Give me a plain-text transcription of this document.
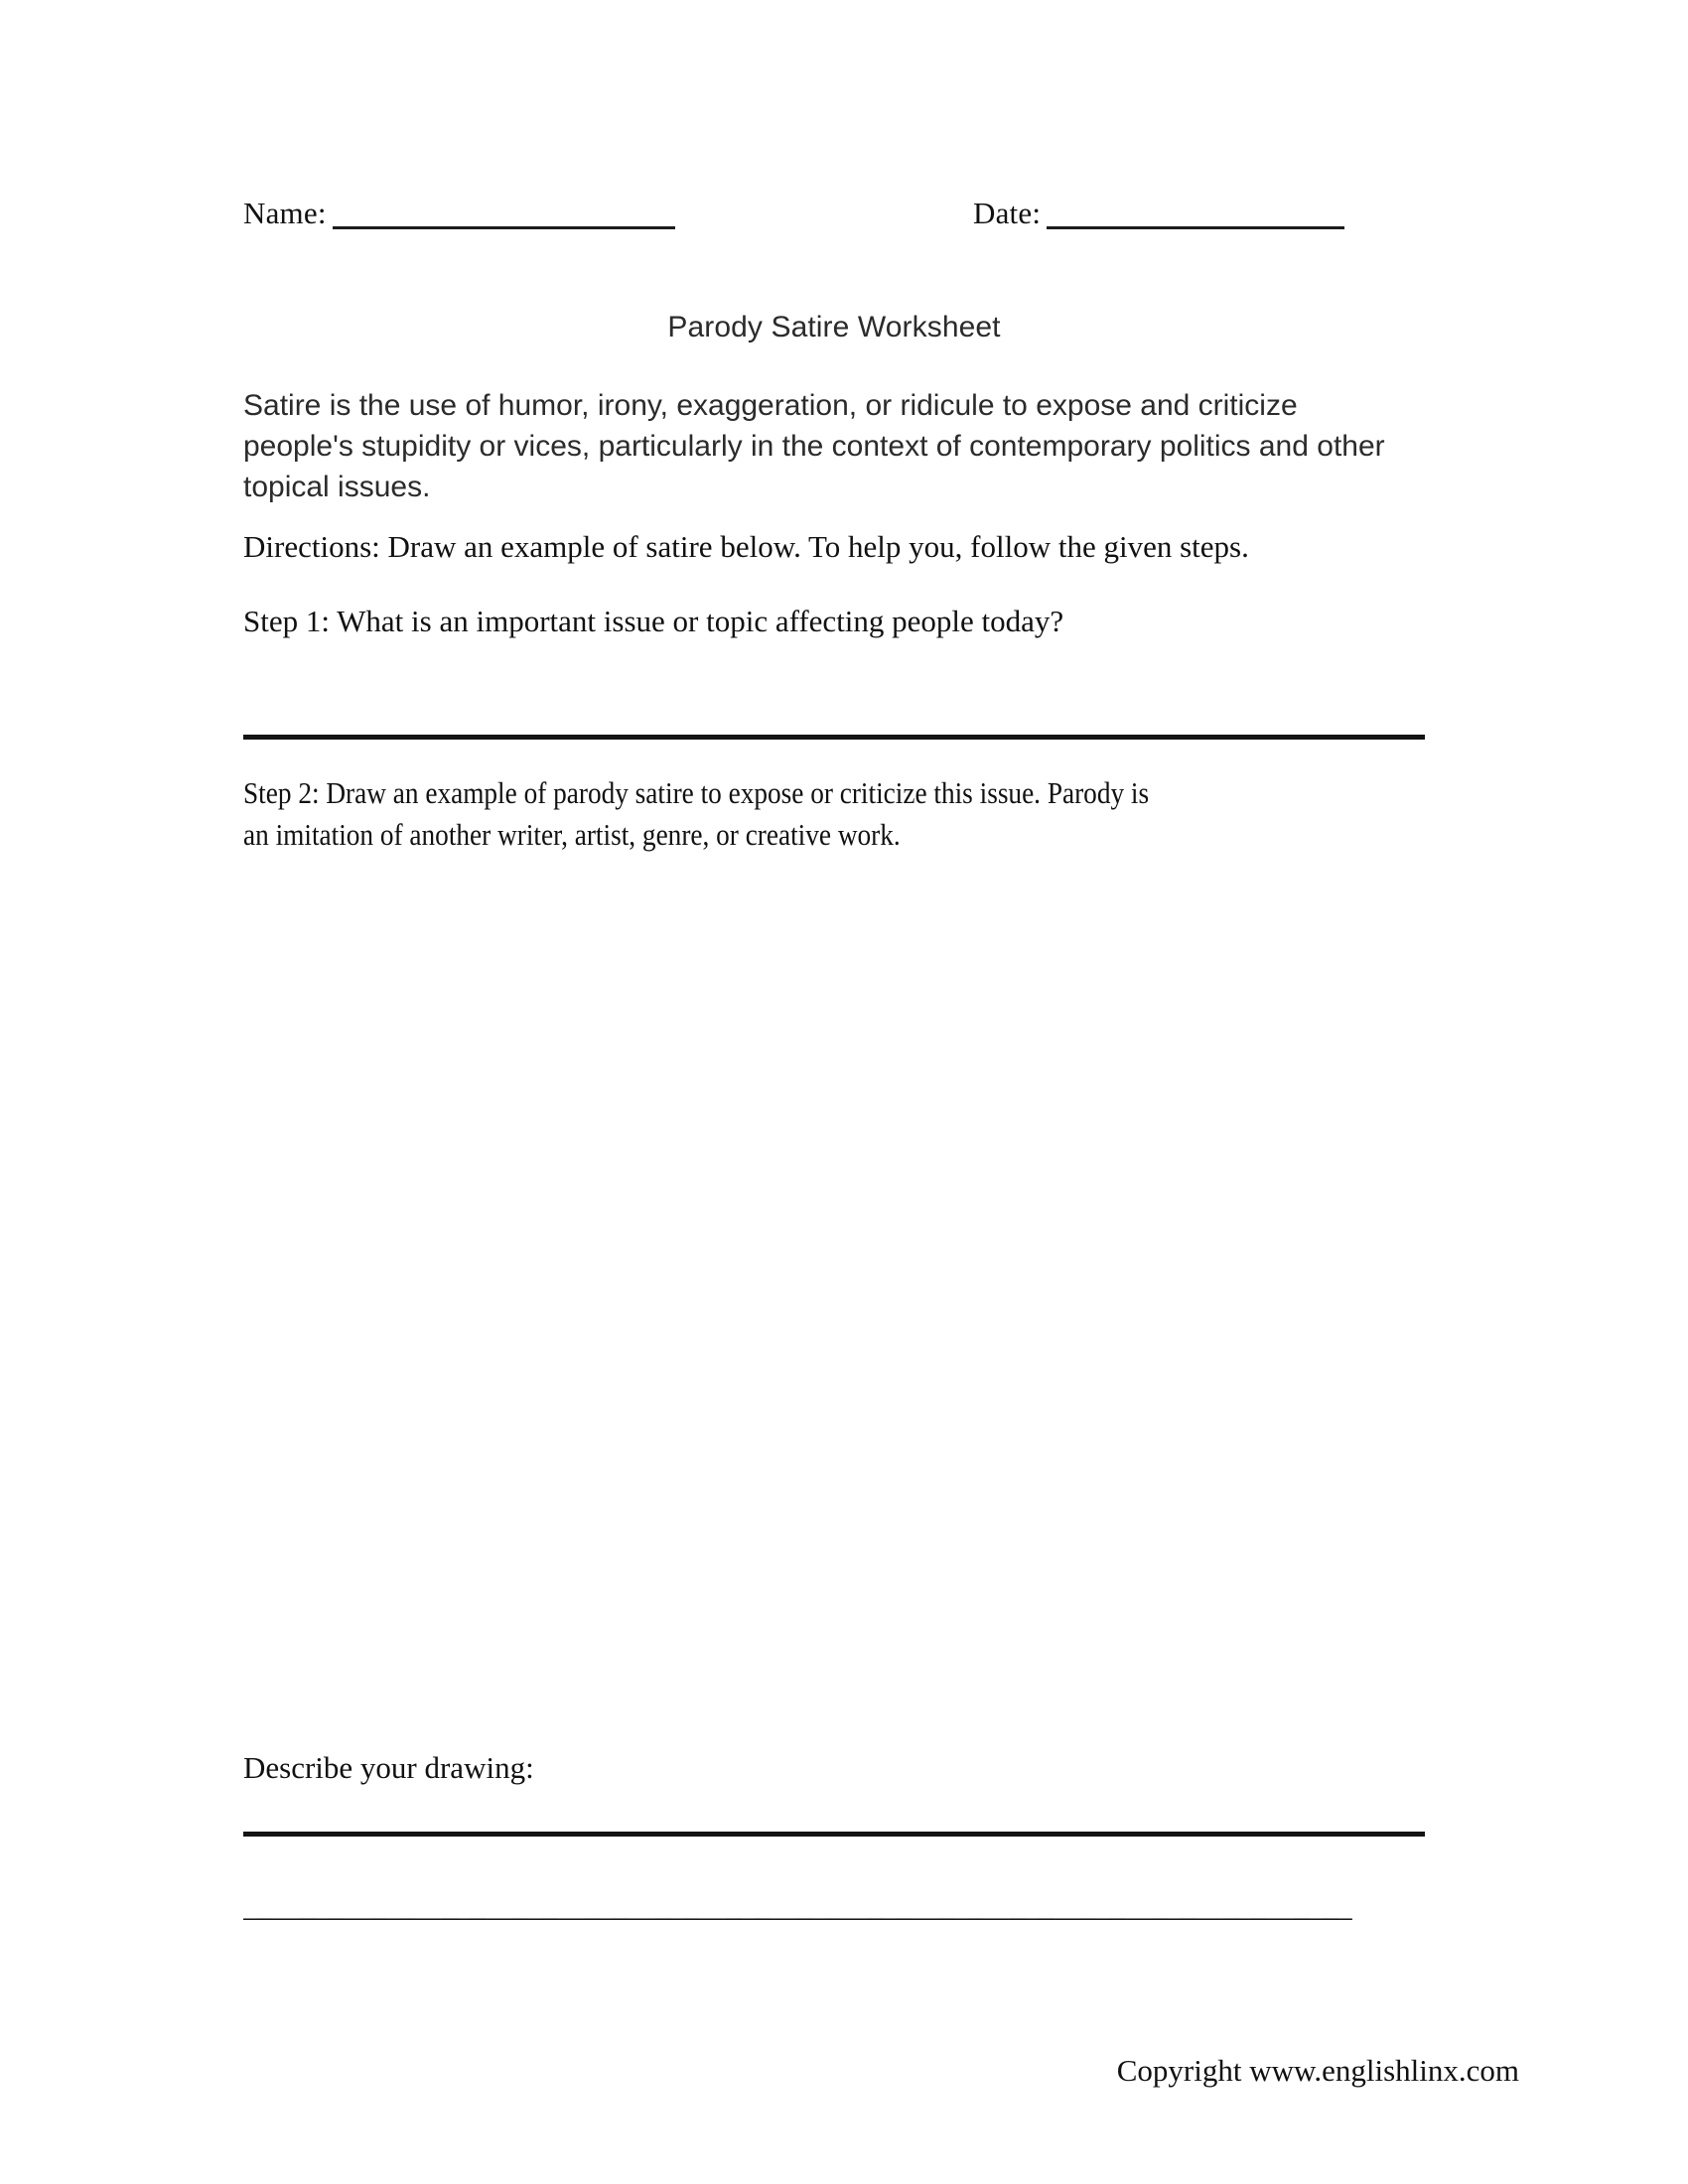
Name:	Date:
Parody Satire Worksheet
Satire is the use of humor, irony, exaggeration, or ridicule to expose and criticize people's stupidity or vices, particularly in the context of contemporary politics and other topical issues.
Directions: Draw an example of satire below. To help you, follow the given steps.
Step 1: What is an important issue or topic affecting people today?
Step 2: Draw an example of parody satire to expose or criticize this issue. Parody is
an imitation of another writer, artist, genre, or creative work.
Describe your drawing:
______________________________________________________________________________
Copyright www.englishlinx.com
